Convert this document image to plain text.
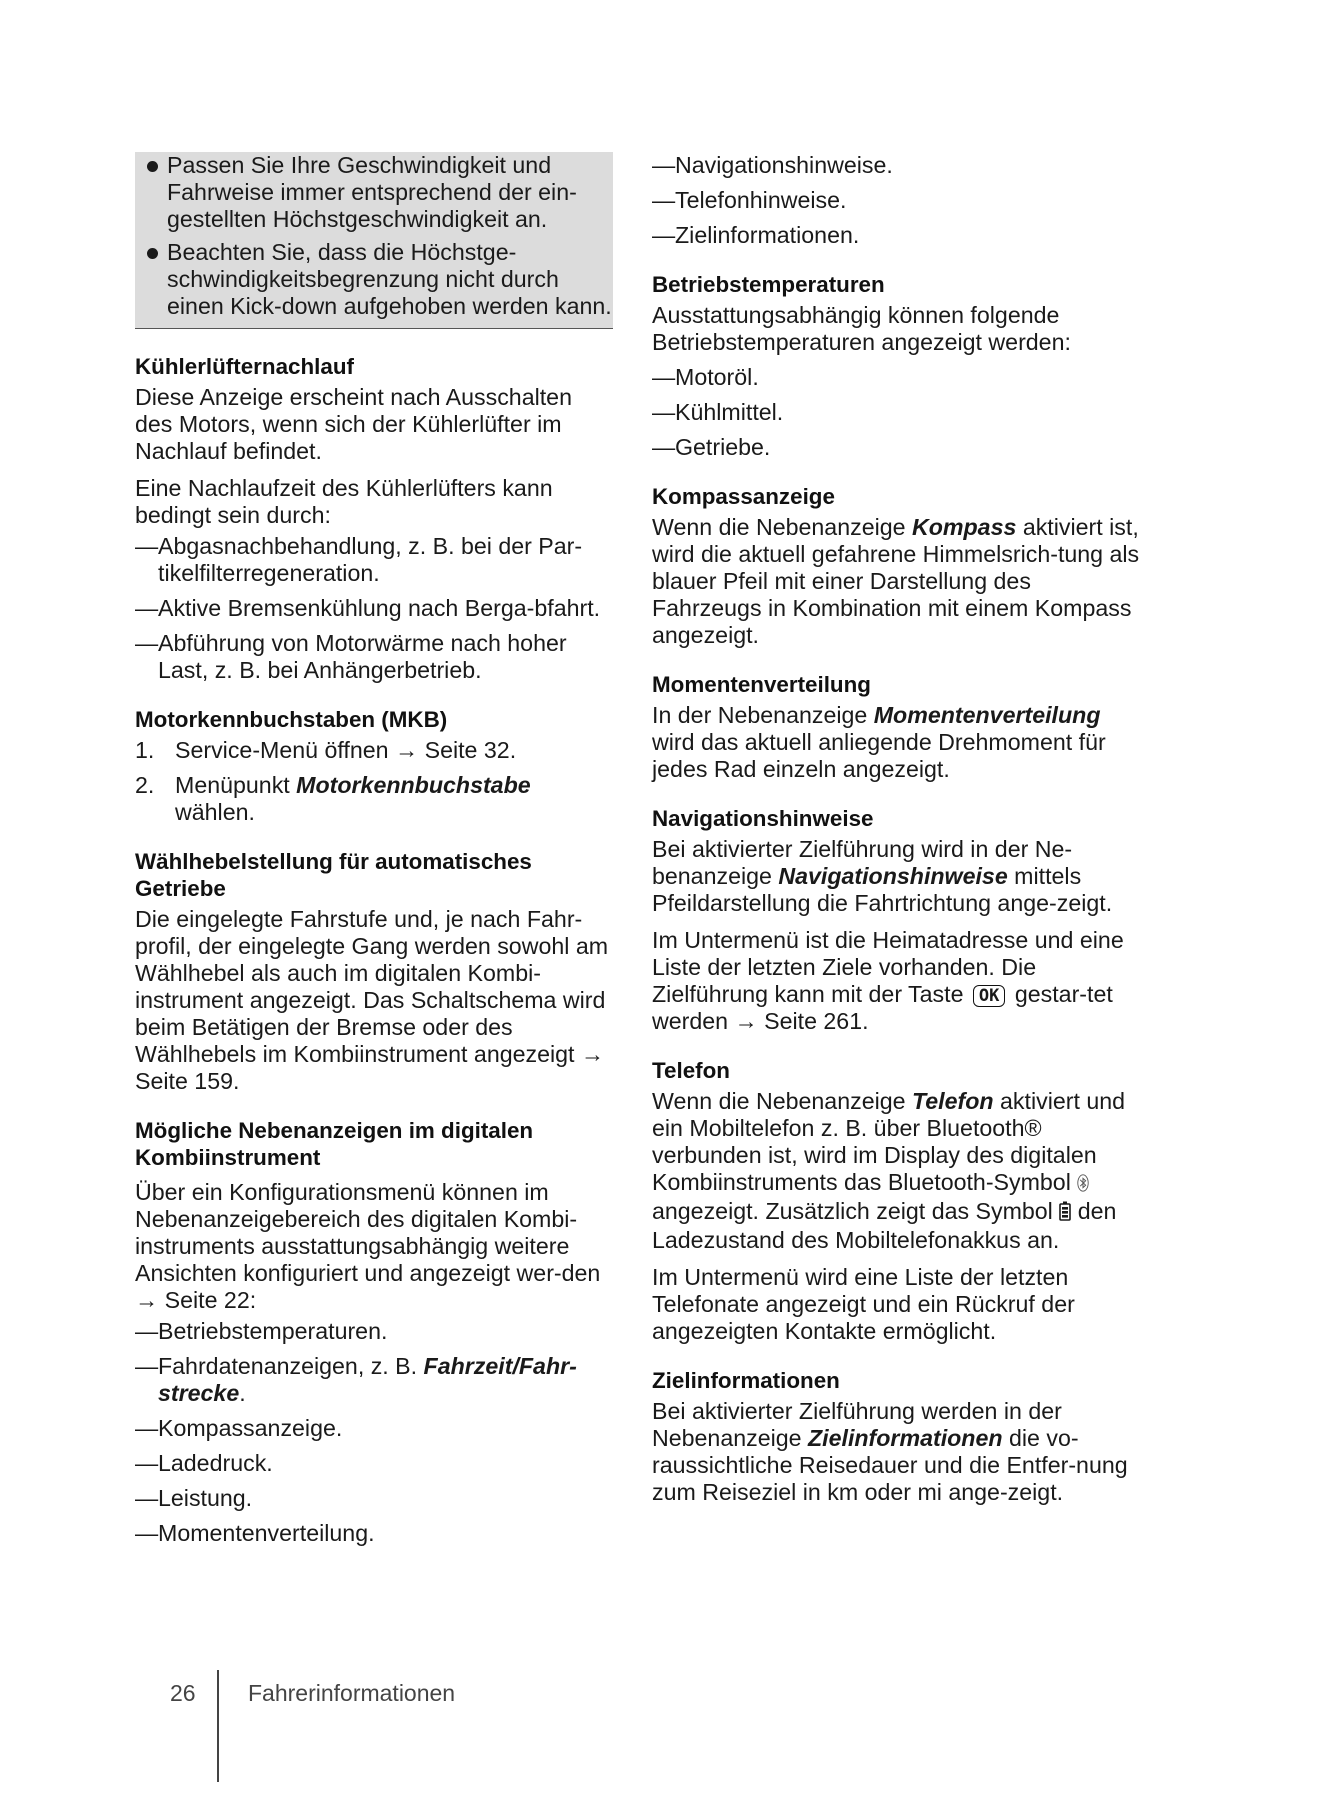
Passen Sie Ihre Geschwindigkeit und Fahrweise immer entsprechend der ein-gestellten Höchstgeschwindigkeit an.
Beachten Sie, dass die Höchstge-schwindigkeitsbegrenzung nicht durch einen Kick-down aufgehoben werden kann.
Kühlerlüfternachlauf

Diese Anzeige erscheint nach Ausschalten des Motors, wenn sich der Kühlerlüfter im Nachlauf befindet.

Eine Nachlaufzeit des Kühlerlüfters kann bedingt sein durch:

— Abgasnachbehandlung, z. B. bei der Par-tikelfilterregeneration.
— Aktive Bremsenkühlung nach Berga-bfahrt.
— Abführung von Motorwärme nach hoher Last, z. B. bei Anhängerbetrieb.
Motorkennbuchstaben (MKB)
1. Service-Menü öffnen → Seite 32.
2. Menüpunkt Motorkennbuchstabe
wählen.
Wählhebelstellung für automatisches Getriebe

Die eingelegte Fahrstufe und, je nach Fahr-profil, der eingelegte Gang werden sowohl am Wählhebel als auch im digitalen Kombi-instrument angezeigt. Das Schaltschema wird beim Betätigen der Bremse oder des Wählhebels im Kombiinstrument angezeigt → Seite 159.

Mögliche Nebenanzeigen im digitalen Kombiinstrument

Über ein Konfigurationsmenü können im Nebenanzeigebereich des digitalen Kombi-instruments ausstattungsabhängig weitere Ansichten konfiguriert und angezeigt wer-den → Seite 22:

— Betriebstemperaturen.
— Fahrdatenanzeigen, z. B. Fahrzeit/Fahr-strecke.
— Kompassanzeige.
— Ladedruck.
— Leistung.
— Momentenverteilung.
— Navigationshinweise.
— Telefonhinweise.
— Zielinformationen.
Betriebstemperaturen

Ausstattungsabhängig können folgende Betriebstemperaturen angezeigt werden:

— Motoröl.
— Kühlmittel.
— Getriebe.
Kompassanzeige

Wenn die Nebenanzeige Kompass aktiviert ist, wird die aktuell gefahrene Himmelsrich-tung als blauer Pfeil mit einer Darstellung des Fahrzeugs in Kombination mit einem Kompass angezeigt.

Momentenverteilung

In der Nebenanzeige Momentenverteilung wird das aktuell anliegende Drehmoment für jedes Rad einzeln angezeigt.

Navigationshinweise

Bei aktivierter Zielführung wird in der Ne-benanzeige Navigationshinweise mittels Pfeildarstellung die Fahrtrichtung ange-zeigt.

Im Untermenü ist die Heimatadresse und eine Liste der letzten Ziele vorhanden. Die Zielführung kann mit der Taste OK gestar-tet werden → Seite 261.

Telefon

Wenn die Nebenanzeige Telefon aktiviert und ein Mobiltelefon z. B. über Bluetooth® verbunden ist, wird im Display des digitalen Kombiinstruments das Bluetooth-Symbol  angezeigt. Zusätzlich zeigt das Symbol  den Ladezustand des Mobiltelefonakkus an.

Im Untermenü wird eine Liste der letzten Telefonate angezeigt und ein Rückruf der angezeigten Kontakte ermöglicht.

Zielinformationen

Bei aktivierter Zielführung werden in der Nebenanzeige Zielinformationen die vo-raussichtliche Reisedauer und die Entfer-nung zum Reiseziel in km oder mi ange-zeigt.

26 Fahrerinformationen
